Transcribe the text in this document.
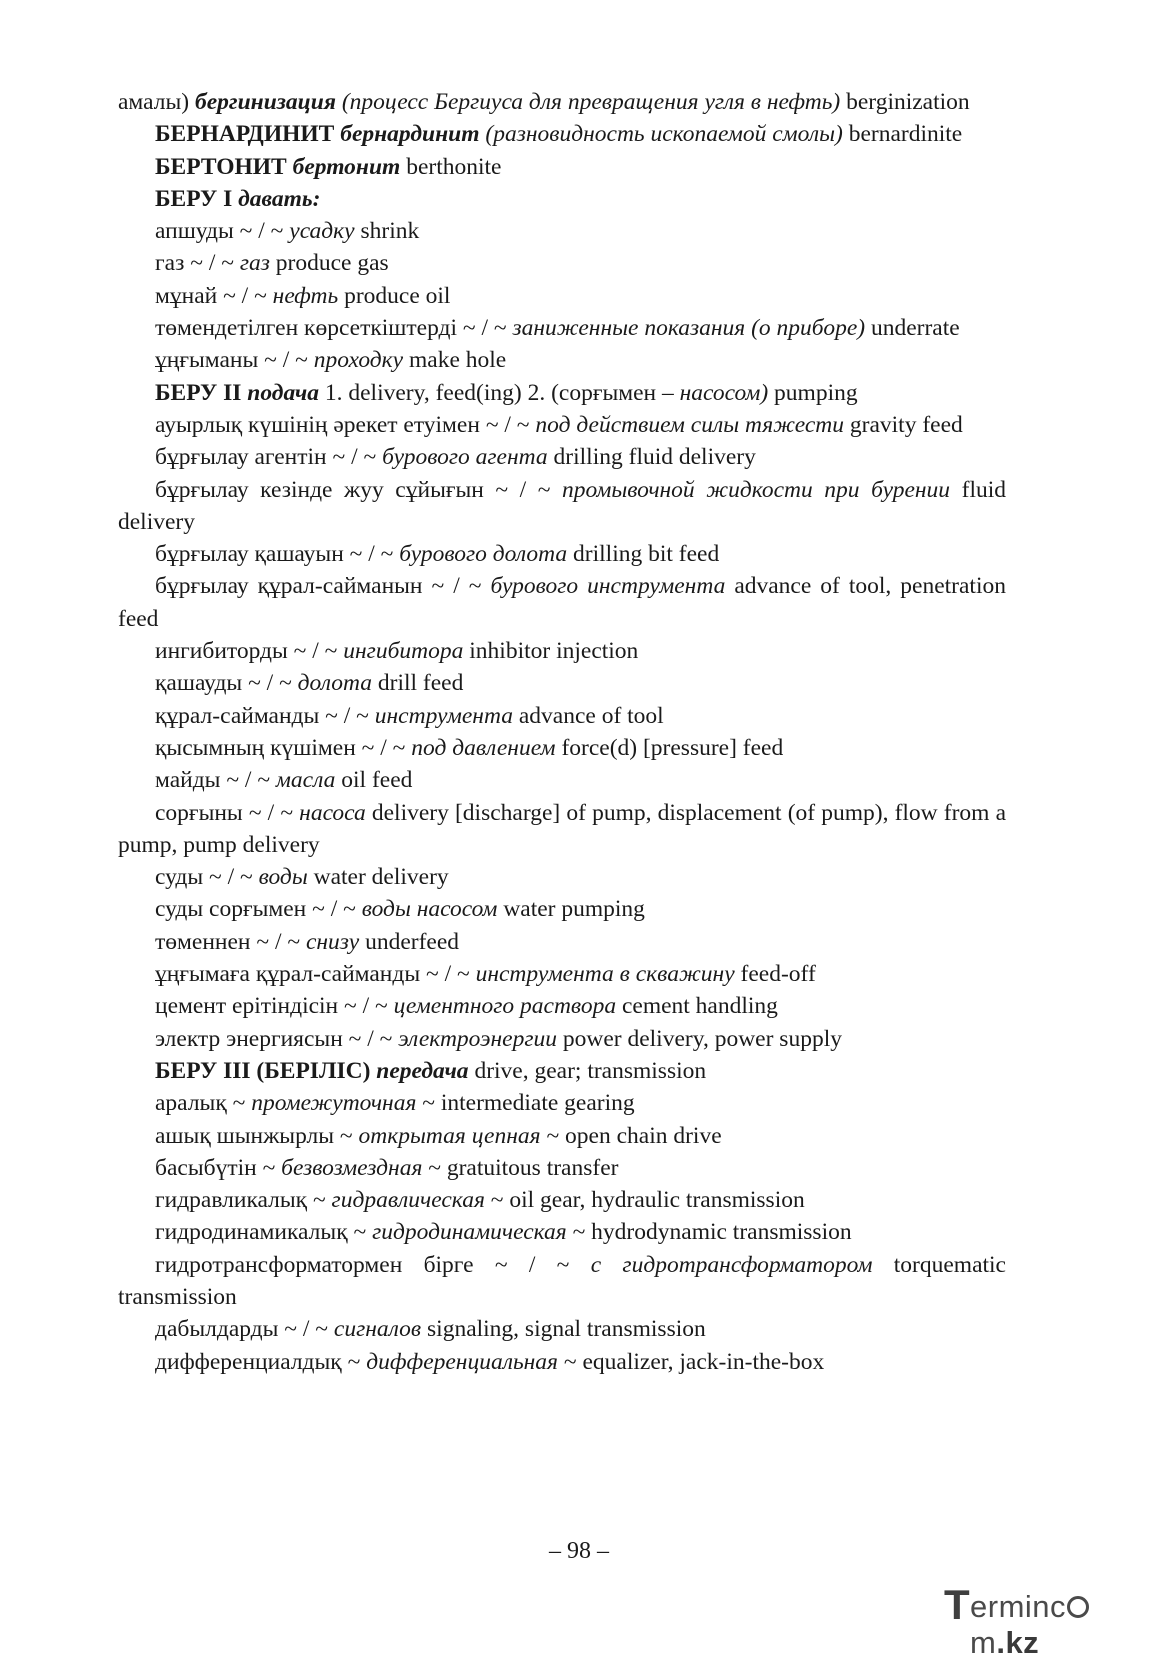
амалы) бергинизация (процесс Бергиуса для превращения угля в нефть) berginization
БЕРНАРДИНИТ бернардинит (разновидность ископаемой смолы) bernardinite
БЕРТОНИТ бертонит berthonite
БЕРУ I давать:
апшуды ~ / ~ усадку shrink
газ ~ / ~ газ produce gas
мұнай ~ / ~ нефть produce oil
төмендетілген көрсеткіштерді ~ / ~ заниженные показания (о приборе) underrate
ұңғыманы ~ / ~ проходку make hole
БЕРУ II подача 1. delivery, feed(ing) 2. (сорғымен – насосом) pumping
ауырлық күшінің әрекет етуімен ~ / ~ под действием силы тяжести gravity feed
бұрғылау агентін ~ / ~ бурового агента drilling fluid delivery
бұрғылау кезінде жуу сұйығын ~ / ~ промывочной жидкости при бурении fluid delivery
бұрғылау қашауын ~ / ~ бурового долота drilling bit feed
бұрғылау құрал-сайманын ~ / ~ бурового инструмента advance of tool, penetration feed
ингибиторды ~ / ~ ингибитора inhibitor injection
қашауды ~ / ~ долота drill feed
құрал-сайманды ~ / ~ инструмента advance of tool
қысымның күшімен ~ / ~ под давлением force(d) [pressure] feed
майды ~ / ~ масла oil feed
сорғыны ~ / ~ насоса delivery [discharge] of pump, displacement (of pump), flow from a pump, pump delivery
суды ~ / ~ воды water delivery
суды сорғымен ~ / ~ воды насосом water pumping
төменнен ~ / ~ снизу underfeed
ұңғымаға құрал-сайманды ~ / ~ инструмента в скважину feed-off
цемент ерітіндісін ~ / ~ цементного раствора cement handling
электр энергиясын ~ / ~ электроэнергии power delivery, power supply
БЕРУ III (БЕРІЛІС) передача drive, gear; transmission
аралық ~ промежуточная ~ intermediate gearing
ашық шынжырлы ~ открытая цепная ~ open chain drive
басыбүтін ~ безвозмездная ~ gratuitous transfer
гидравликалық ~ гидравлическая ~ oil gear, hydraulic transmission
гидродинамикалық ~ гидродинамическая ~ hydrodynamic transmission
гидротрансформатормен бірге ~ / ~ с гидротрансформатором torquematic transmission
дабылдарды ~ / ~ сигналов signaling, signal transmission
дифференциалдық ~ дифференциальная ~ equalizer, jack-in-the-box
– 98 –
T ermincm.kz
